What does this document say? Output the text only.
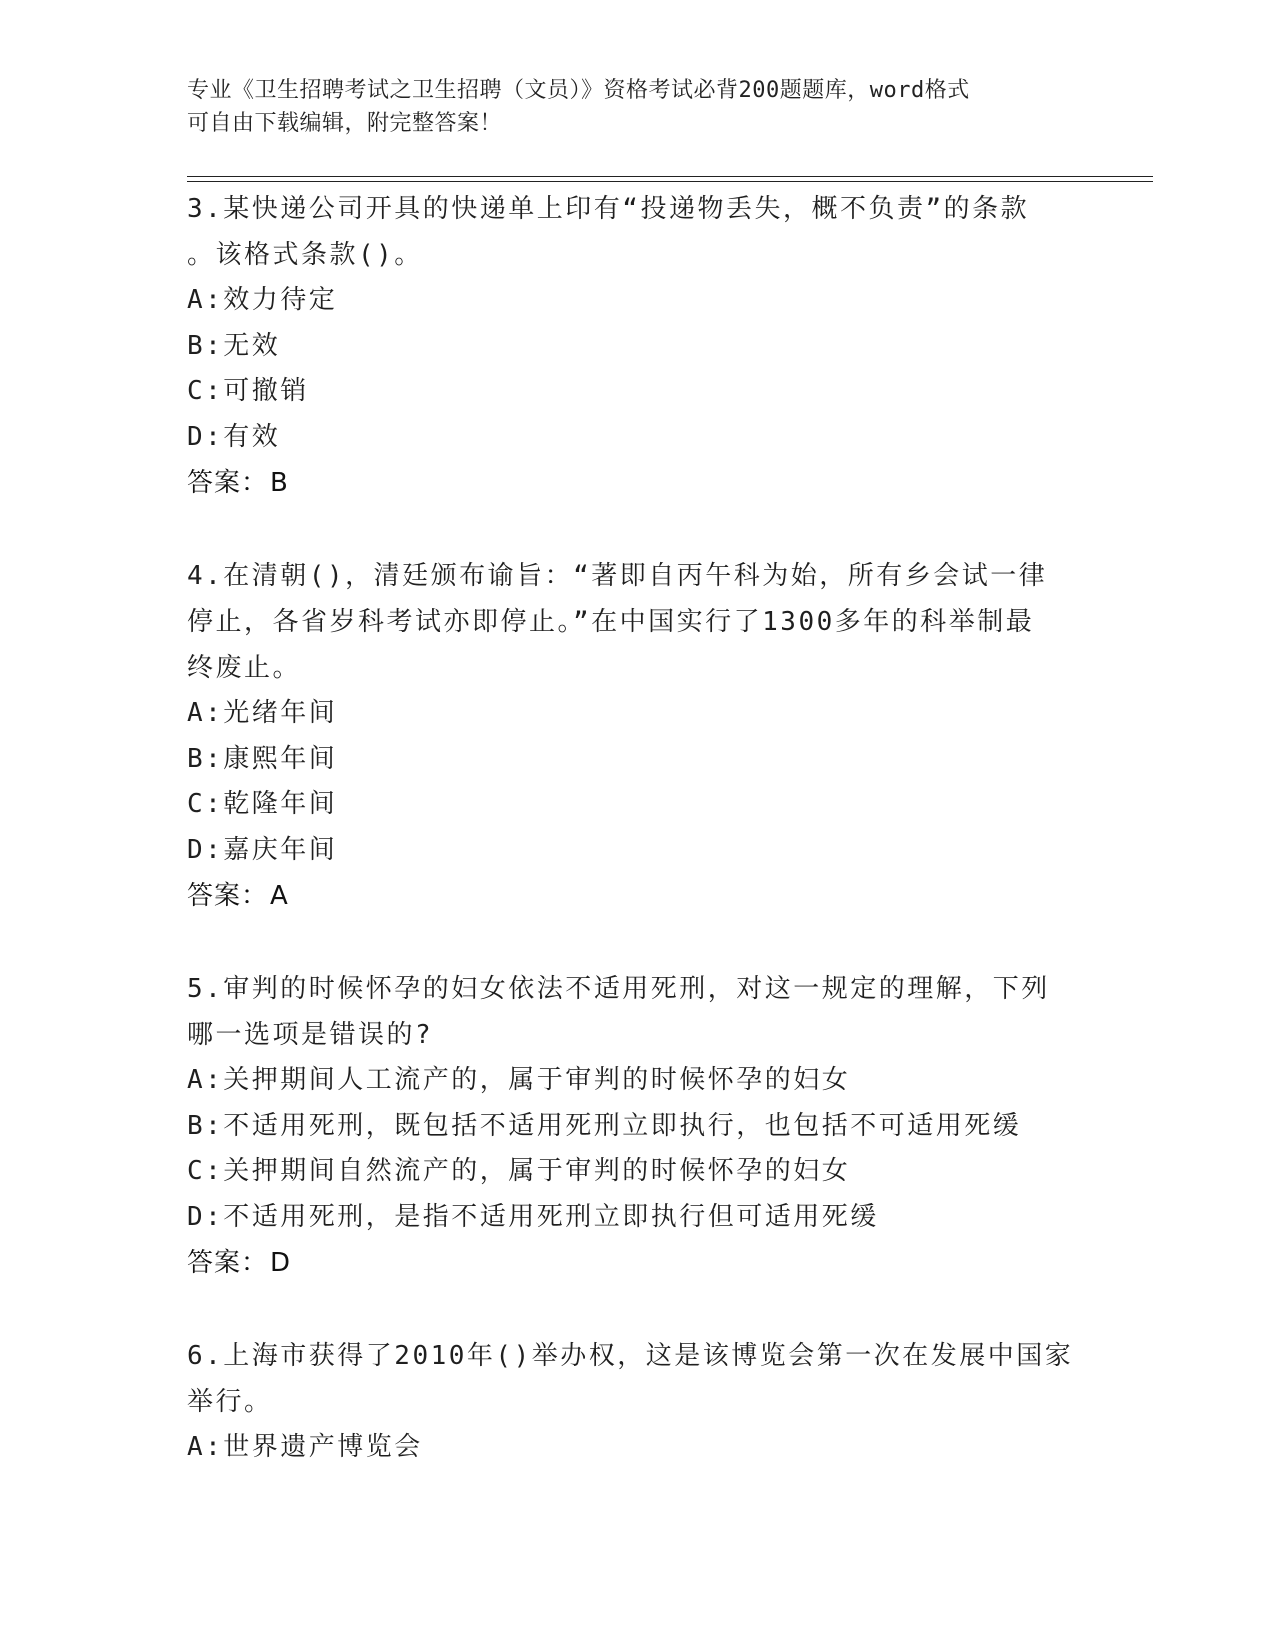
专业《卫生招聘考试之卫生招聘（文员）》资格考试必背200题题库，word格式
可自由下载编辑，附完整答案！

3.某快递公司开具的快递单上印有“投递物丢失，概不负责”的条款
。该格式条款()。

A:效力待定

B:无效

C:可撤销

D:有效

答案：B

4.在清朝()，清廷颁布谕旨：“著即自丙午科为始，所有乡会试一律
停止，各省岁科考试亦即停止。”在中国实行了1300多年的科举制最
终废止。

A:光绪年间

B:康熙年间

C:乾隆年间

D:嘉庆年间

答案：A

5.审判的时候怀孕的妇女依法不适用死刑，对这一规定的理解，下列
哪一选项是错误的?

A:关押期间人工流产的，属于审判的时候怀孕的妇女

B:不适用死刑，既包括不适用死刑立即执行，也包括不可适用死缓

C:关押期间自然流产的，属于审判的时候怀孕的妇女

D:不适用死刑，是指不适用死刑立即执行但可适用死缓

答案：D

6.上海市获得了2010年()举办权，这是该博览会第一次在发展中国家
举行。

A:世界遗产博览会
